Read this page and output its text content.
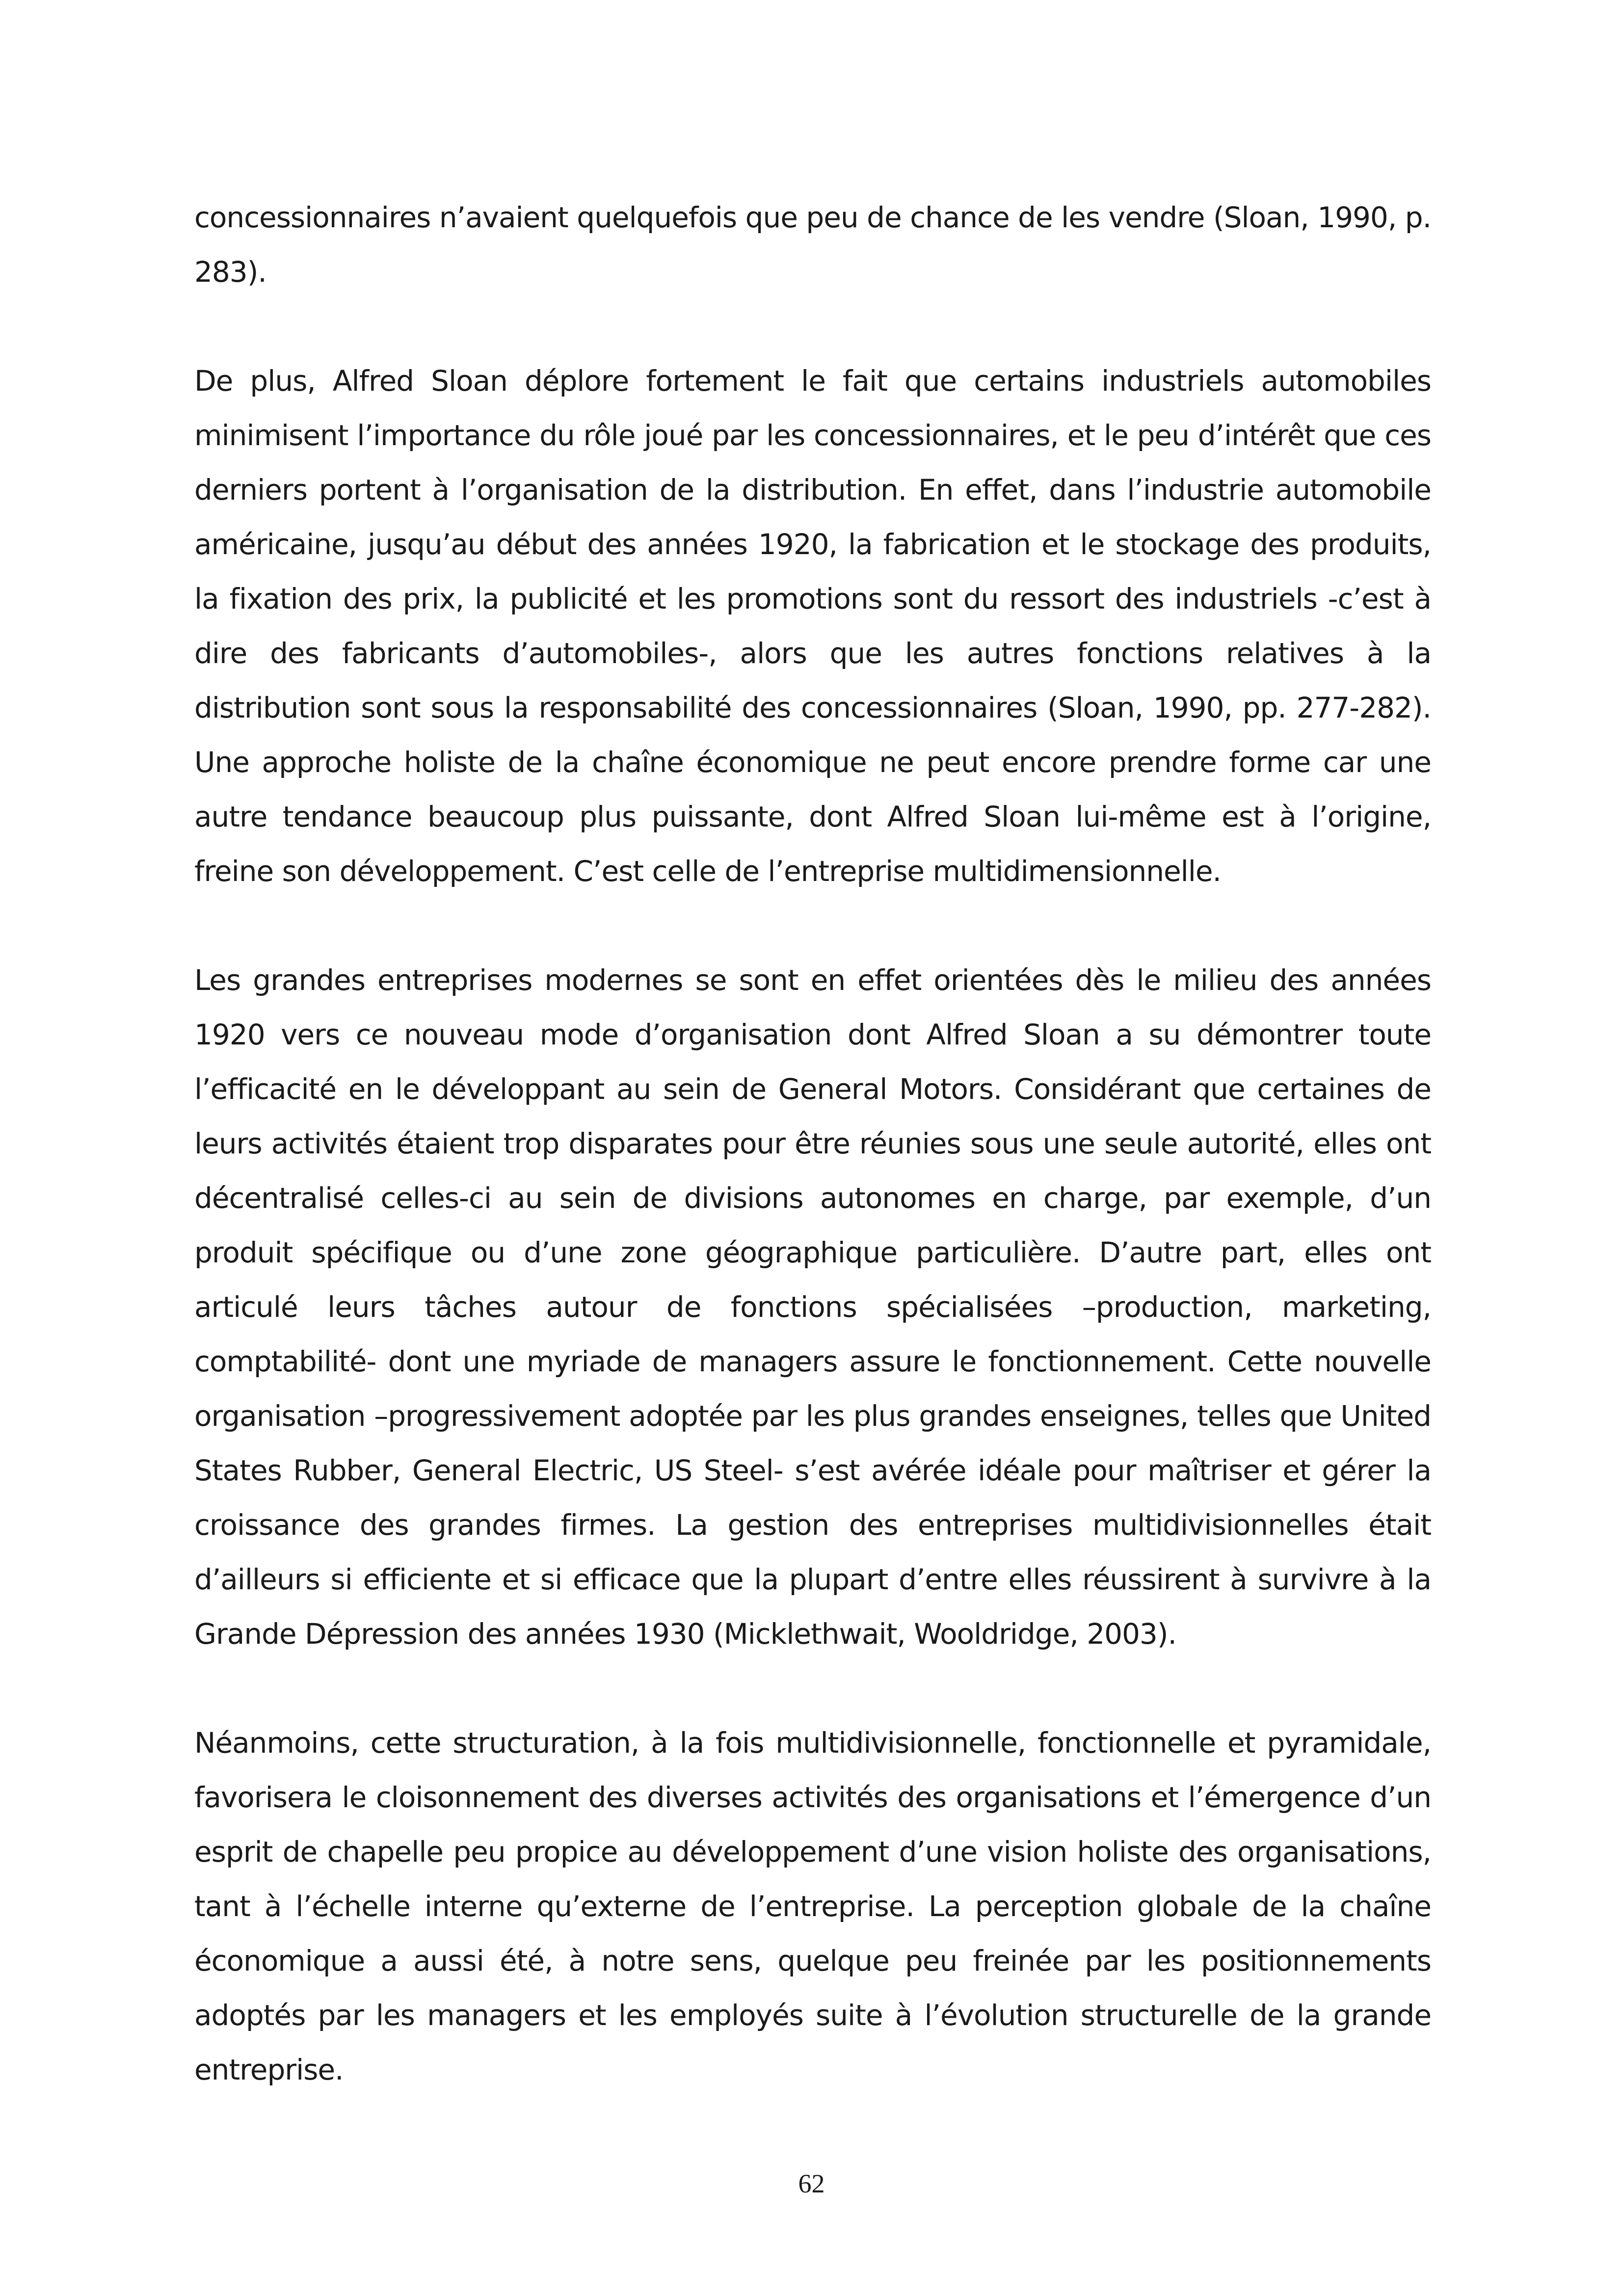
concessionnaires n’avaient quelquefois que peu de chance de les vendre (Sloan, 1990, p. 283).

De plus, Alfred Sloan déplore fortement le fait que certains industriels automobiles minimisent l’importance du rôle joué par les concessionnaires, et le peu d’intérêt que ces derniers portent à l’organisation de la distribution. En effet, dans l’industrie automobile américaine, jusqu’au début des années 1920, la fabrication et le stockage des produits, la fixation des prix, la publicité et les promotions sont du ressort des industriels -c’est à dire des fabricants d’automobiles-, alors que les autres fonctions relatives à la distribution sont sous la responsabilité des concessionnaires (Sloan, 1990, pp. 277-282). Une approche holiste de la chaîne économique ne peut encore prendre forme car une autre tendance beaucoup plus puissante, dont Alfred Sloan lui-même est à l’origine, freine son développement. C’est celle de l’entreprise multidimensionnelle.

Les grandes entreprises modernes se sont en effet orientées dès le milieu des années 1920 vers ce nouveau mode d’organisation dont Alfred Sloan a su démontrer toute l’efficacité en le développant au sein de General Motors. Considérant que certaines de leurs activités étaient trop disparates pour être réunies sous une seule autorité, elles ont décentralisé celles-ci au sein de divisions autonomes en charge, par exemple, d’un produit spécifique ou d’une zone géographique particulière. D’autre part, elles ont articulé leurs tâches autour de fonctions spécialisées –production, marketing, comptabilité- dont une myriade de managers assure le fonctionnement. Cette nouvelle organisation –progressivement adoptée par les plus grandes enseignes, telles que United States Rubber, General Electric, US Steel- s’est avérée idéale pour maîtriser et gérer la croissance des grandes firmes. La gestion des entreprises multidivisionnelles était d’ailleurs si efficiente et si efficace que la plupart d’entre elles réussirent à survivre à la Grande Dépression des années 1930 (Micklethwait, Wooldridge, 2003).

Néanmoins, cette structuration, à la fois multidivisionnelle, fonctionnelle et pyramidale, favorisera le cloisonnement des diverses activités des organisations et l’émergence d’un esprit de chapelle peu propice au développement d’une vision holiste des organisations, tant à l’échelle interne qu’externe de l’entreprise. La perception globale de la chaîne économique a aussi été, à notre sens, quelque peu freinée par les positionnements adoptés par les managers et les employés suite à l’évolution structurelle de la grande entreprise.

62
